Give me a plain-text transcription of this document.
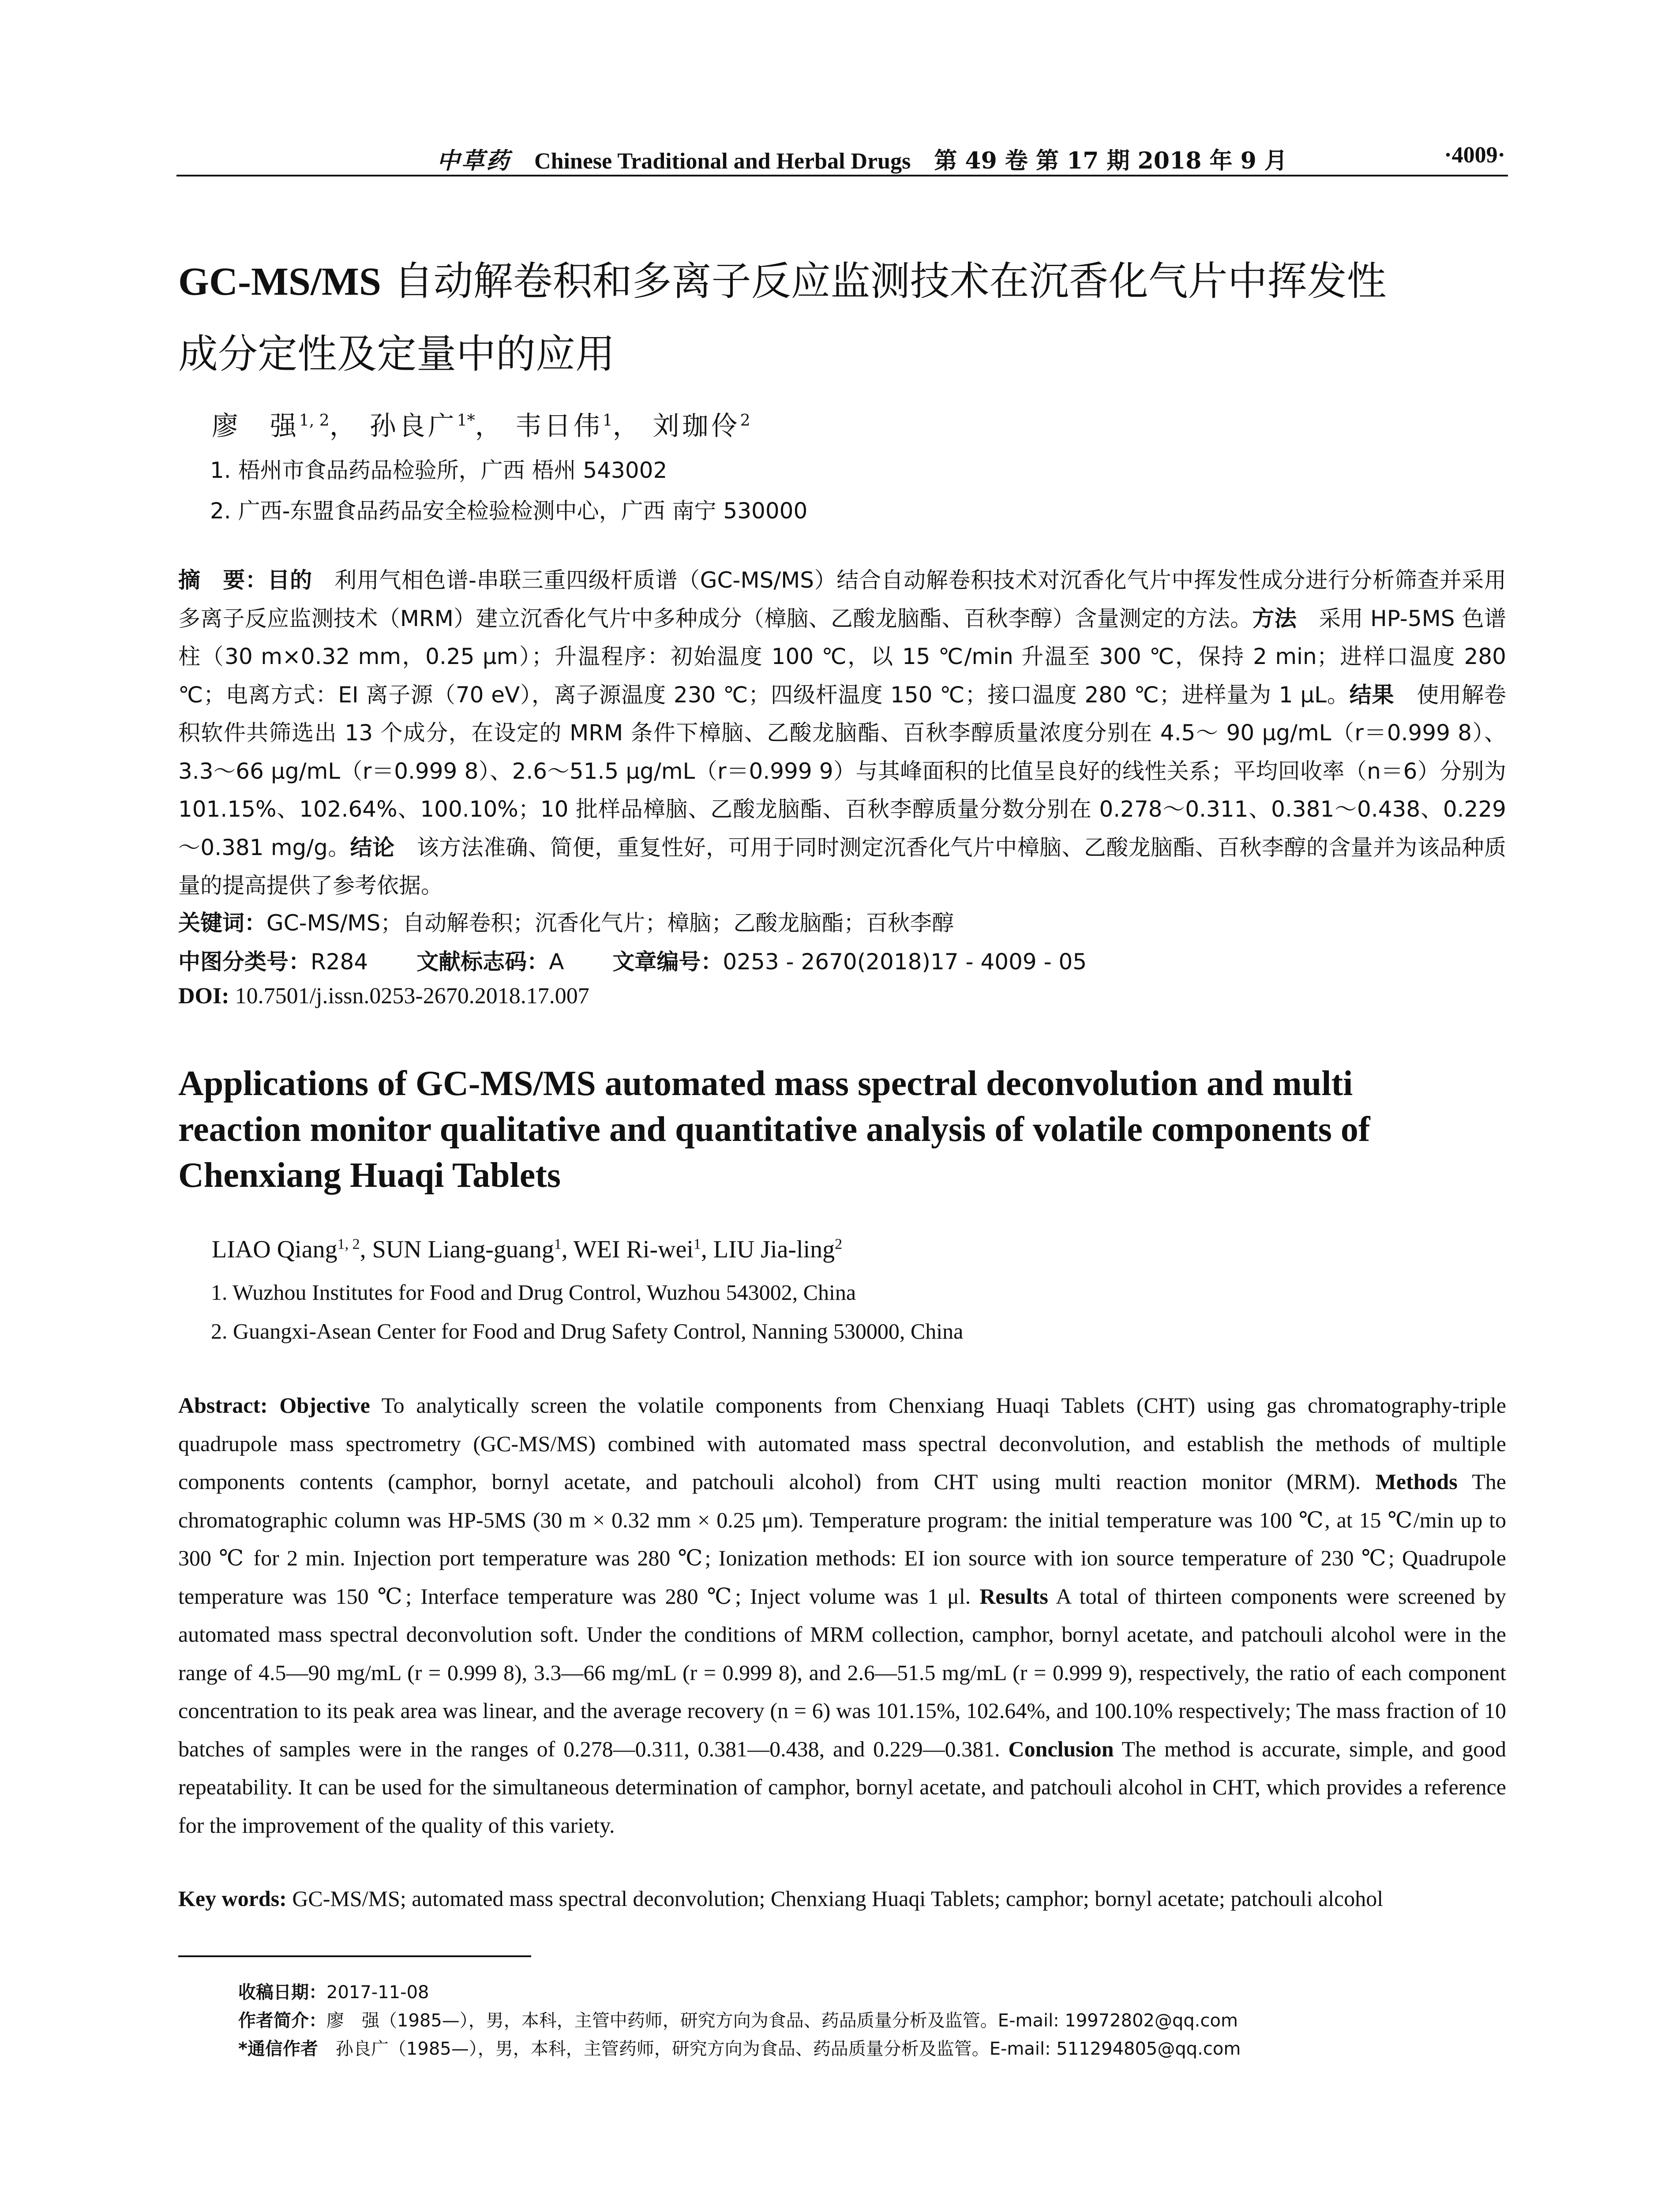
中草药 Chinese Traditional and Herbal Drugs 第 49 卷 第 17 期 2018 年 9 月	·4009·
GC-MS/MS 自动解卷积和多离子反应监测技术在沉香化气片中挥发性
成分定性及定量中的应用
廖　强$^{1, 2}$， 孙良广$^{1*}$， 韦日伟$^1$， 刘珈伶$^2$
1. 梧州市食品药品检验所，广西 梧州 543002
2. 广西-东盟食品药品安全检验检测中心，广西 南宁 530000
摘　要：目的　利用气相色谱-串联三重四级杆质谱（GC-MS/MS）结合自动解卷积技术对沉香化气片中挥发性成分进行分析筛查并采用多离子反应监测技术（MRM）建立沉香化气片中多种成分（樟脑、乙酸龙脑酯、百秋李醇）含量测定的方法。方法　采用 HP-5MS 色谱柱（30 m×0.32 mm，0.25 μm）；升温程序：初始温度 100 ℃，以 15 ℃/min 升温至 300 ℃，保持 2 min；进样口温度 280 ℃；电离方式：EI 离子源（70 eV），离子源温度 230 ℃；四级杆温度 150 ℃；接口温度 280 ℃；进样量为 1 μL。结果　使用解卷积软件共筛选出 13 个成分，在设定的 MRM 条件下樟脑、乙酸龙脑酯、百秋李醇质量浓度分别在 4.5～ 90 μg/mL（r＝0.999 8）、3.3～66 μg/mL（r＝0.999 8）、2.6～51.5 μg/mL（r＝0.999 9）与其峰面积的比值呈良好的线性关系；平均回收率（n＝6）分别为 101.15%、102.64%、100.10%；10 批样品樟脑、乙酸龙脑酯、百秋李醇质量分数分别在 0.278～0.311、0.381～0.438、0.229～0.381 mg/g。结论　该方法准确、简便，重复性好，可用于同时测定沉香化气片中樟脑、乙酸龙脑酯、百秋李醇的含量并为该品种质量的提高提供了参考依据。
关键词：GC-MS/MS；自动解卷积；沉香化气片；樟脑；乙酸龙脑酯；百秋李醇
中图分类号：R284 文献标志码：A 文章编号：0253 - 2670(2018)17 - 4009 - 05
DOI: 10.7501/j.issn.0253-2670.2018.17.007
Applications of GC-MS/MS automated mass spectral deconvolution and multi
reaction monitor qualitative and quantitative analysis of volatile components of
Chenxiang Huaqi Tablets
LIAO Qiang$^{1, 2}$, SUN Liang-guang$^1$, WEI Ri-wei$^1$, LIU Jia-ling$^2$
1. Wuzhou Institutes for Food and Drug Control, Wuzhou 543002, China
2. Guangxi-Asean Center for Food and Drug Safety Control, Nanning 530000, China
Abstract: Objective To analytically screen the volatile components from Chenxiang Huaqi Tablets (CHT) using gas chromatography-triple quadrupole mass spectrometry (GC-MS/MS) combined with automated mass spectral deconvolution, and establish the methods of multiple components contents (camphor, bornyl acetate, and patchouli alcohol) from CHT using multi reaction monitor (MRM). Methods The chromatographic column was HP-5MS (30 m × 0.32 mm × 0.25 μm). Temperature program: the initial temperature was 100 ℃, at 15 ℃/min up to 300 ℃ for 2 min. Injection port temperature was 280 ℃; Ionization methods: EI ion source with ion source temperature of 230 ℃; Quadrupole temperature was 150 ℃; Interface temperature was 280 ℃; Inject volume was 1 μl. Results A total of thirteen components were screened by automated mass spectral deconvolution soft. Under the conditions of MRM collection, camphor, bornyl acetate, and patchouli alcohol were in the range of 4.5—90 mg/mL (r = 0.999 8), 3.3—66 mg/mL (r = 0.999 8), and 2.6—51.5 mg/mL (r = 0.999 9), respectively, the ratio of each component concentration to its peak area was linear, and the average recovery (n = 6) was 101.15%, 102.64%, and 100.10% respectively; The mass fraction of 10 batches of samples were in the ranges of 0.278—0.311, 0.381—0.438, and 0.229—0.381. Conclusion The method is accurate, simple, and good repeatability. It can be used for the simultaneous determination of camphor, bornyl acetate, and patchouli alcohol in CHT, which provides a reference for the improvement of the quality of this variety.
Key words: GC-MS/MS; automated mass spectral deconvolution; Chenxiang Huaqi Tablets; camphor; bornyl acetate; patchouli alcohol
收稿日期：2017-11-08
作者简介：廖　强（1985—），男，本科，主管中药师，研究方向为食品、药品质量分析及监管。E-mail: 19972802@qq.com
*通信作者　孙良广（1985—），男，本科，主管药师，研究方向为食品、药品质量分析及监管。E-mail: 511294805@qq.com
